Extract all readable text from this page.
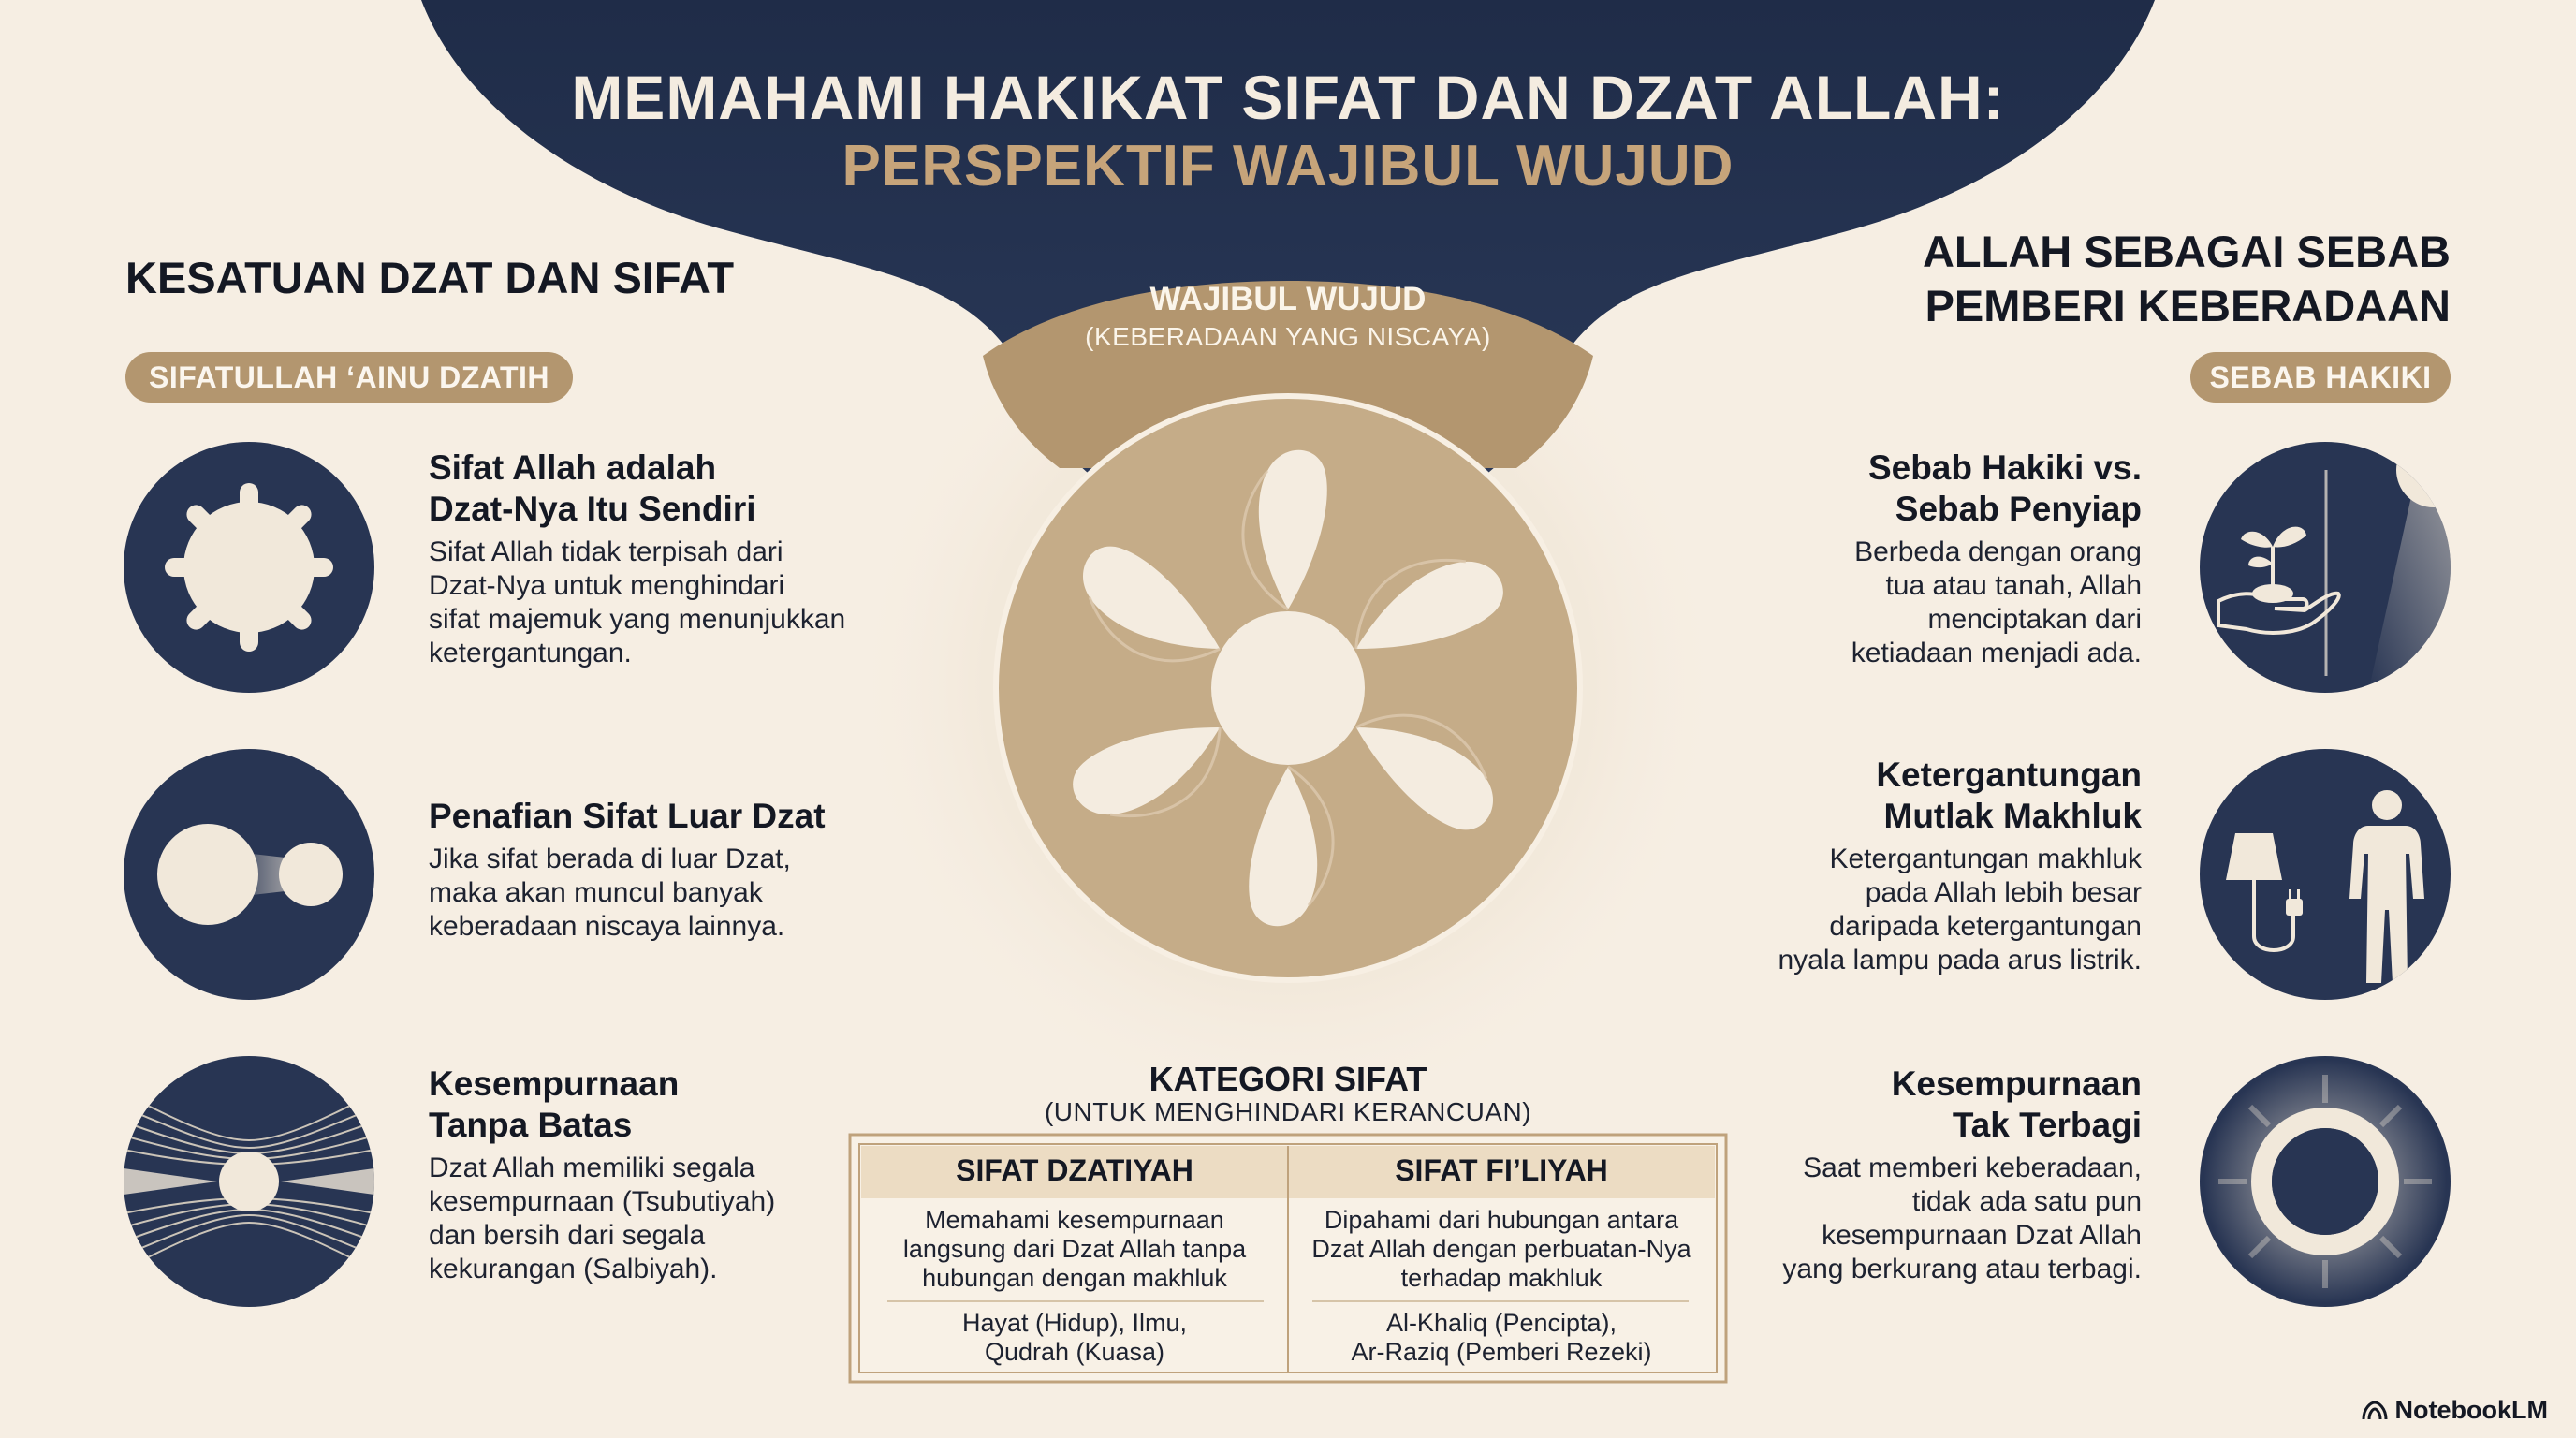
MEMAHAMI HAKIKAT SIFAT DAN DZAT ALLAH:
PERSPEKTIF WAJIBUL WUJUD
KESATUAN DZAT DAN SIFAT
SIFATULLAH ‘AINU DZATIH
Sifat Allah adalah
Dzat-Nya Itu Sendiri
Sifat Allah tidak terpisah dari
Dzat-Nya untuk menghindari
sifat majemuk yang menunjukkan
ketergantungan.
Penafian Sifat Luar Dzat
Jika sifat berada di luar Dzat,
maka akan muncul banyak
keberadaan niscaya lainnya.
Kesempurnaan
Tanpa Batas
Dzat Allah memiliki segala
kesempurnaan (Tsubutiyah)
dan bersih dari segala
kekurangan (Salbiyah).
ALLAH SEBAGAI SEBAB
PEMBERI KEBERADAAN
SEBAB HAKIKI
Sebab Hakiki vs.
Sebab Penyiap
Berbeda dengan orang
tua atau tanah, Allah
menciptakan dari
ketiadaan menjadi ada.
Ketergantungan
Mutlak Makhluk
Ketergantungan makhluk
pada Allah lebih besar
daripada ketergantungan
nyala lampu pada arus listrik.
Kesempurnaan
Tak Terbagi
Saat memberi keberadaan,
tidak ada satu pun
kesempurnaan Dzat Allah
yang berkurang atau terbagi.
WAJIBUL WUJUD
(KEBERADAAN YANG NISCAYA)
KATEGORI SIFAT
(UNTUK MENGHINDARI KERANCUAN)
SIFAT DZATIYAH	SIFAT FI’LIYAH
Memahami kesempurnaan
langsung dari Dzat Allah tanpa
hubungan dengan makhluk
Dipahami dari hubungan antara
Dzat Allah dengan perbuatan-Nya
terhadap makhluk
Hayat (Hidup), Ilmu,
Qudrah (Kuasa)
Al-Khaliq (Pencipta),
Ar-Raziq (Pemberi Rezeki)
NotebookLM
